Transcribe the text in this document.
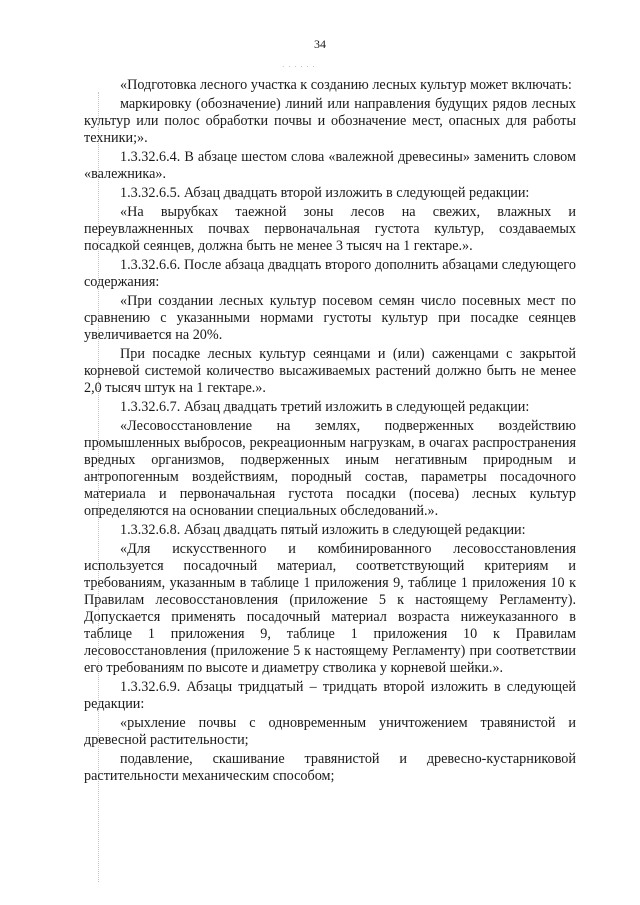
34
· · · · · ·

«Подготовка лесного участка к созданию лесных культур может включать:

маркировку (обозначение) линий или направления будущих рядов лесных культур или полос обработки почвы и обозначение мест, опасных для работы техники;».

1.3.32.6.4. В абзаце шестом слова «валежной древесины» заменить словом «валежника».

1.3.32.6.5. Абзац двадцать второй изложить в следующей редакции:

«На вырубках таежной зоны лесов на свежих, влажных и переувлажненных почвах первоначальная густота культур, создаваемых посадкой сеянцев, должна быть не менее 3 тысяч на 1 гектаре.».

1.3.32.6.6. После абзаца двадцать второго дополнить абзацами следующего содержания:

«При создании лесных культур посевом семян число посевных мест по сравнению с указанными нормами густоты культур при посадке сеянцев увеличивается на 20%.

При посадке лесных культур сеянцами и (или) саженцами с закрытой корневой системой количество высаживаемых растений должно быть не менее 2,0 тысяч штук на 1 гектаре.».

1.3.32.6.7. Абзац двадцать третий изложить в следующей редакции:

«Лесовосстановление на землях, подверженных воздействию промышленных выбросов, рекреационным нагрузкам, в очагах распространения вредных организмов, подверженных иным негативным природным и антропогенным воздействиям, породный состав, параметры посадочного материала и первоначальная густота посадки (посева) лесных культур определяются на основании специальных обследований.».

1.3.32.6.8. Абзац двадцать пятый изложить в следующей редакции:

«Для искусственного и комбинированного лесовосстановления используется посадочный материал, соответствующий критериям и требованиям, указанным в таблице 1 приложения 9, таблице 1 приложения 10 к Правилам лесовосстановления (приложение 5 к настоящему Регламенту). Допускается применять посадочный материал возраста нижеуказанного в таблице 1 приложения 9, таблице 1 приложения 10 к Правилам лесовосстановления (приложение 5 к настоящему Регламенту) при соответствии его требованиям по высоте и диаметру стволика у корневой шейки.».

1.3.32.6.9. Абзацы тридцатый – тридцать второй изложить в следующей редакции:

«рыхление почвы с одновременным уничтожением травянистой и древесной растительности;

подавление, скашивание травянистой и древесно-кустарниковой растительности механическим способом;
